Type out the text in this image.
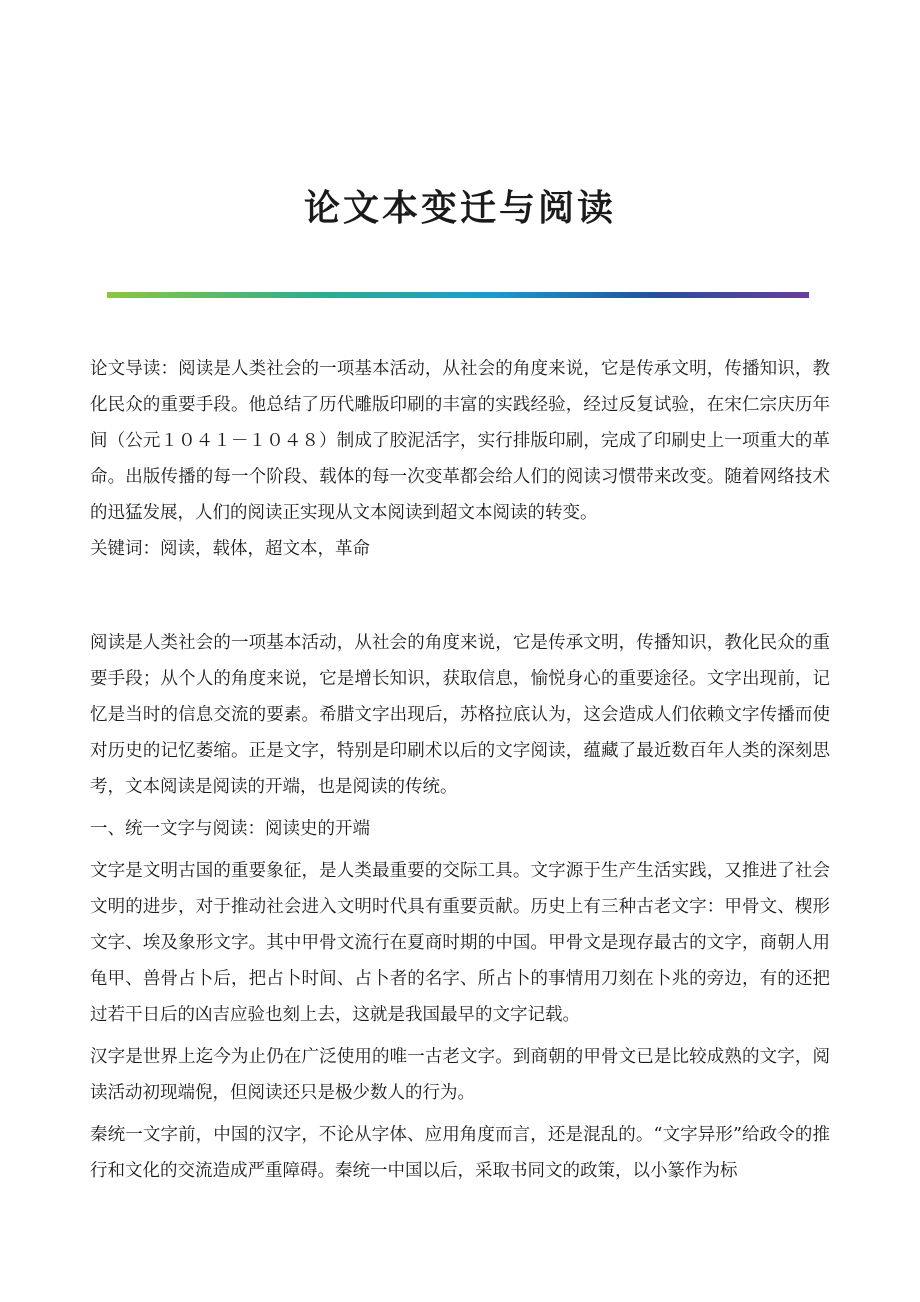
论文本变迁与阅读

论文导读：阅读是人类社会的一项基本活动，从社会的角度来说，它是传承文明，传播知识，教化民众的重要手段。他总结了历代雕版印刷的丰富的实践经验，经过反复试验，在宋仁宗庆历年间（公元１０４１－１０４８）制成了胶泥活字，实行排版印刷，完成了印刷史上一项重大的革命。出版传播的每一个阶段、载体的每一次变革都会给人们的阅读习惯带来改变。随着网络技术的迅猛发展，人们的阅读正实现从文本阅读到超文本阅读的转变。

关键词：阅读，载体，超文本，革命

阅读是人类社会的一项基本活动，从社会的角度来说，它是传承文明，传播知识，教化民众的重要手段；从个人的角度来说，它是增长知识，获取信息，愉悦身心的重要途径。文字出现前，记忆是当时的信息交流的要素。希腊文字出现后，苏格拉底认为，这会造成人们依赖文字传播而使对历史的记忆萎缩。正是文字，特别是印刷术以后的文字阅读，蕴藏了最近数百年人类的深刻思考，文本阅读是阅读的开端，也是阅读的传统。

一、统一文字与阅读：阅读史的开端

文字是文明古国的重要象征，是人类最重要的交际工具。文字源于生产生活实践，又推进了社会文明的进步，对于推动社会进入文明时代具有重要贡献。历史上有三种古老文字：甲骨文、楔形文字、埃及象形文字。其中甲骨文流行在夏商时期的中国。甲骨文是现存最古的文字，商朝人用龟甲、兽骨占卜后，把占卜时间、占卜者的名字、所占卜的事情用刀刻在卜兆的旁边，有的还把过若干日后的凶吉应验也刻上去，这就是我国最早的文字记载。

汉字是世界上迄今为止仍在广泛使用的唯一古老文字。到商朝的甲骨文已是比较成熟的文字，阅读活动初现端倪，但阅读还只是极少数人的行为。

秦统一文字前，中国的汉字，不论从字体、应用角度而言，还是混乱的。“文字异形”给政令的推行和文化的交流造成严重障碍。秦统一中国以后，采取书同文的政策，以小篆作为标
